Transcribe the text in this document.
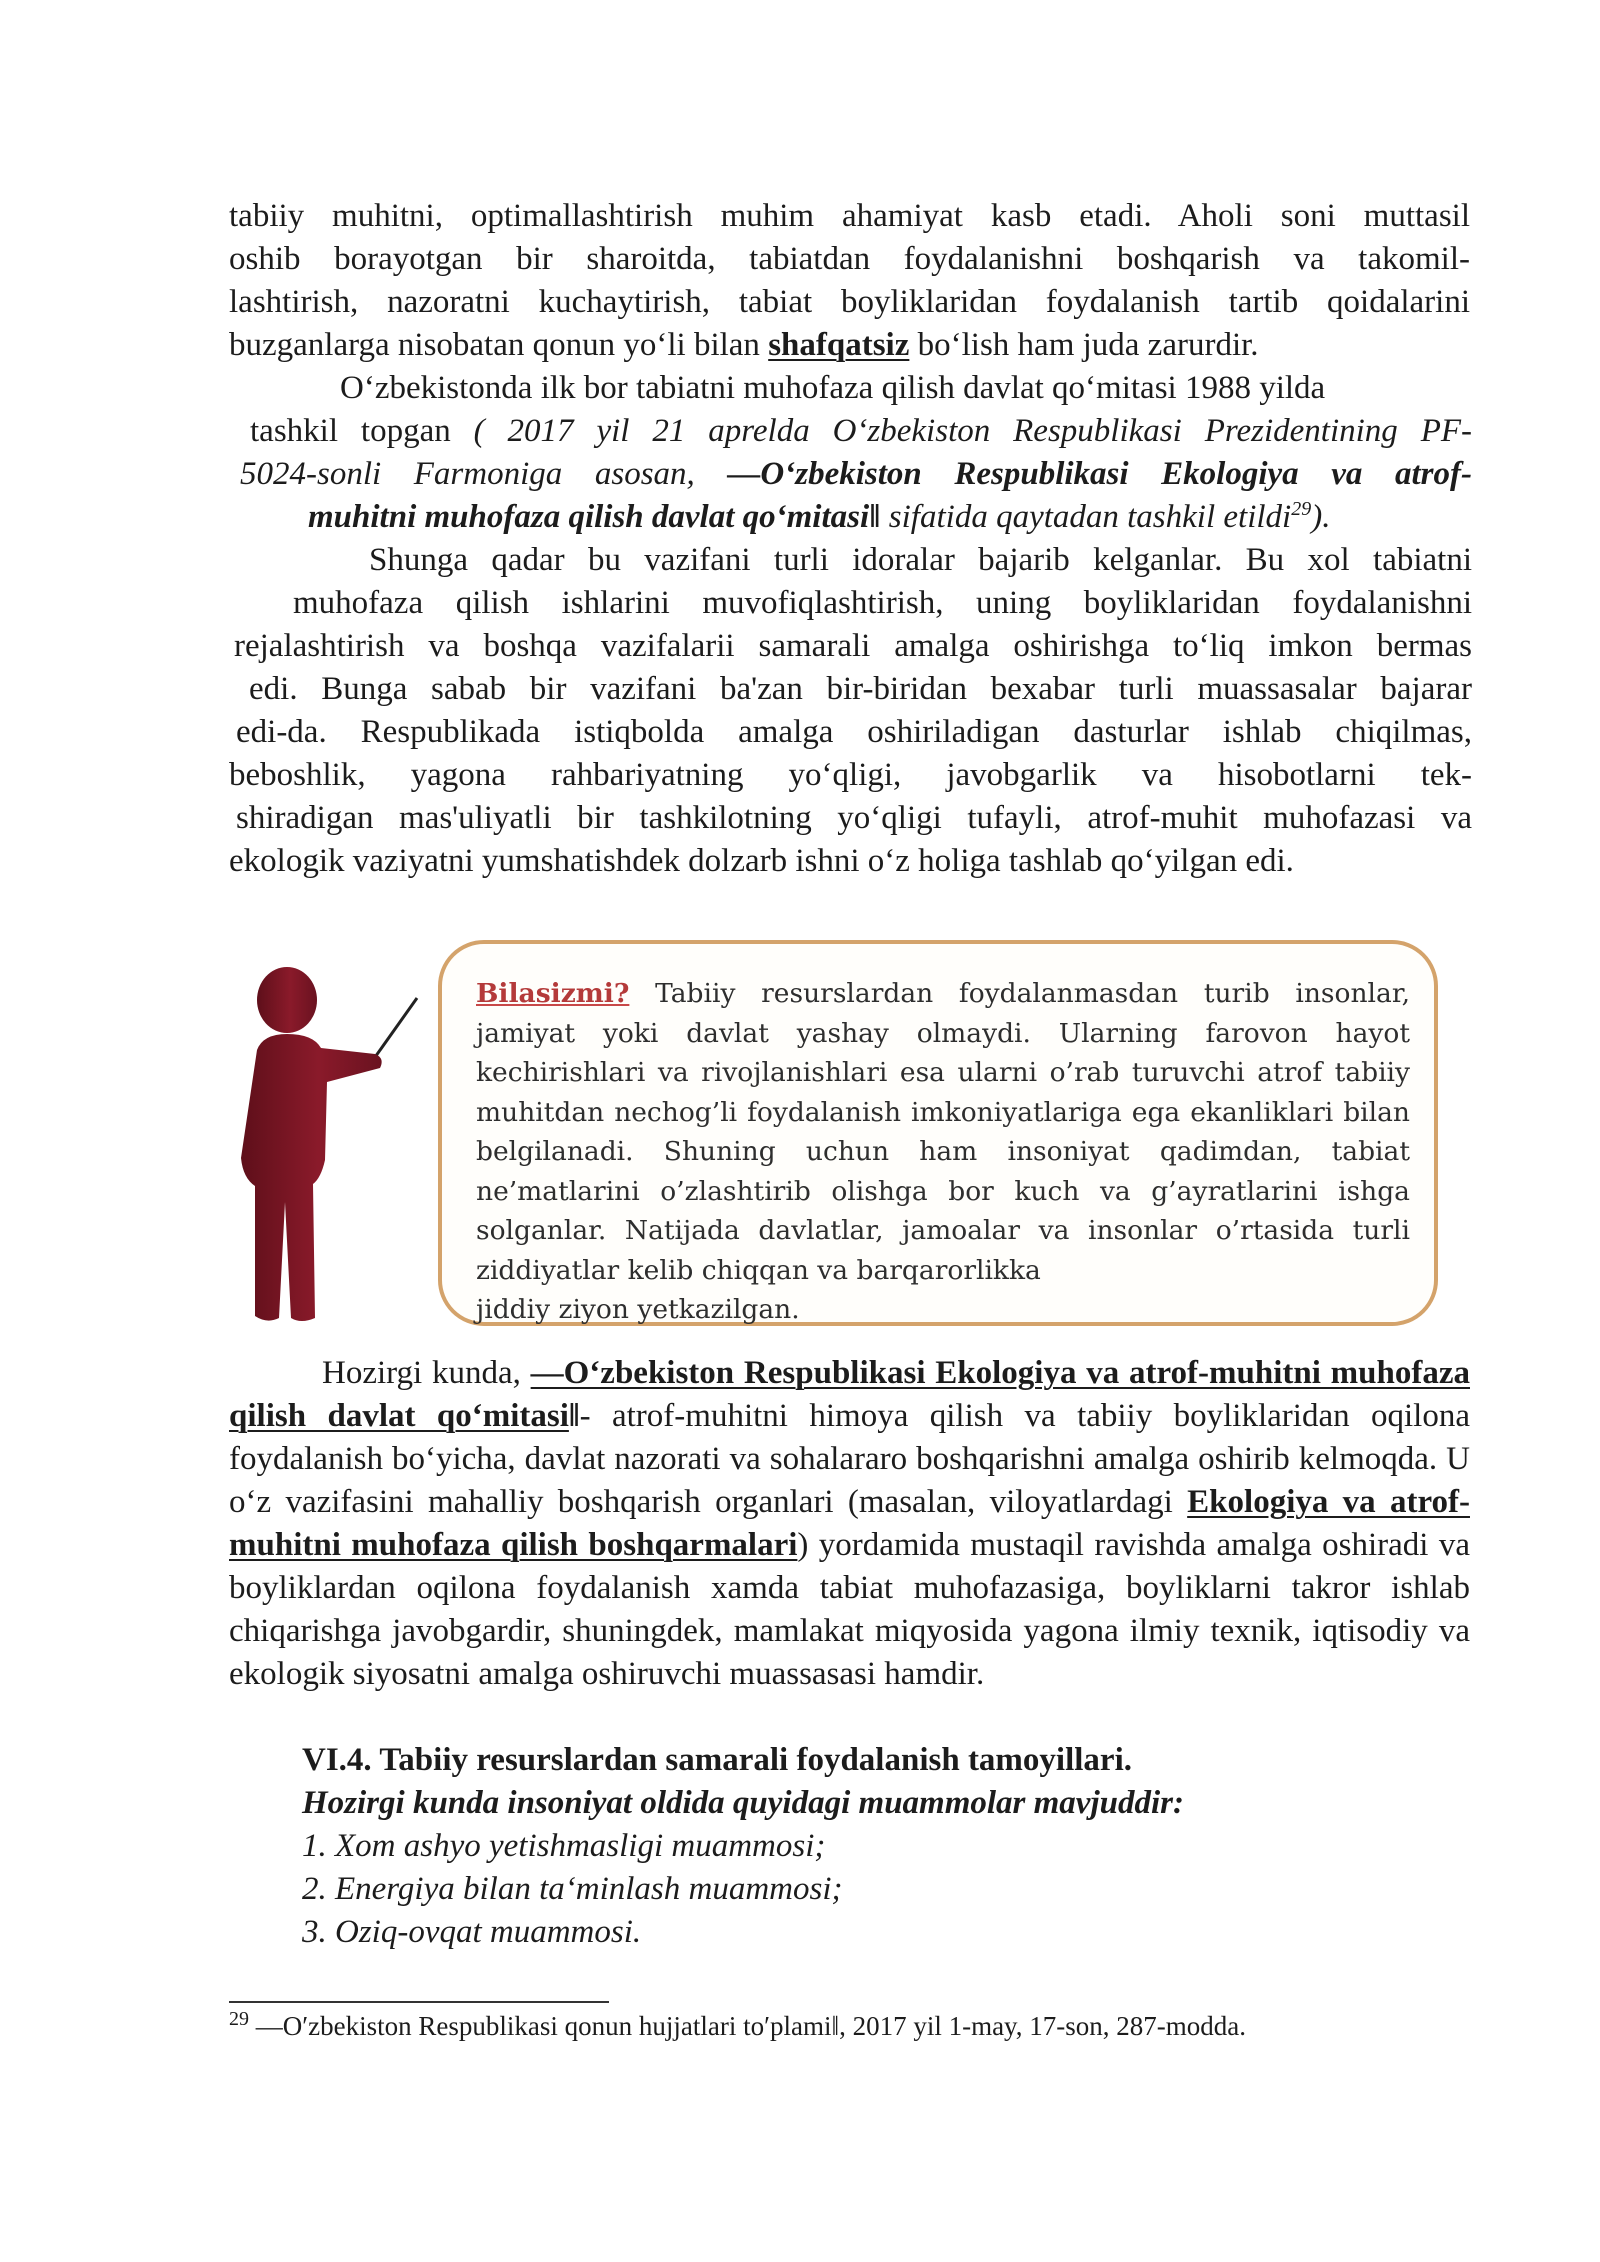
tabiiy muhitni, optimallashtirish muhim ahamiyat kasb etadi. Aholi soni muttasil

oshib borayotgan bir sharoitda, tabiatdan foydalanishni boshqarish va takomil-

lashtirish, nazoratni kuchaytirish, tabiat boyliklaridan foydalanish tartib qoidalarini

buzganlarga nisobatan qonun yo‘li bilan shafqatsiz bo‘lish ham juda zarurdir.

O‘zbekistonda ilk bor tabiatni muhofaza qilish davlat qo‘mitasi 1988 yilda

tashkil topgan ( 2017 yil 21 aprelda O‘zbekiston Respublikasi Prezidentining PF-

5024-sonli Farmoniga asosan, ―O‘zbekiston Respublikasi Ekologiya va atrof-

muhitni muhofaza qilish davlat qo‘mitasi‖ sifatida qaytadan tashkil etildi$^{29}$).

Shunga qadar bu vazifani turli idoralar bajarib kelganlar. Bu xol tabiatni

muhofaza qilish ishlarini muvofiqlashtirish, uning boyliklaridan foydalanishni

rejalashtirish va boshqa vazifalarii samarali amalga oshirishga to‘liq imkon bermas

edi. Bunga sabab bir vazifani ba'zan bir-biridan bexabar turli muassasalar bajarar

edi-da. Respublikada istiqbolda amalga oshiriladigan dasturlar ishlab chiqilmas,

beboshlik, yagona rahbariyatning yo‘qligi, javobgarlik va hisobotlarni tek-

shiradigan mas'uliyatli bir tashkilotning yo‘qligi tufayli, atrof-muhit muhofazasi va

ekologik vaziyatni yumshatishdek dolzarb ishni o‘z holiga tashlab qo‘yilgan edi.

Bilasizmi? Tabiiy resurslardan foydalanmasdan turib insonlar, jamiyat yoki davlat yashay olmaydi. Ularning farovon hayot kechirishlari va rivojlanishlari esa ularni o’rab turuvchi atrof tabiiy muhitdan nechog’li foydalanish imkoniyatlariga ega ekanliklari bilan belgilanadi. Shuning uchun ham insoniyat qadimdan, tabiat ne’matlarini o’zlashtirib olishga bor kuch va g’ayratlarini ishga solganlar. Natijada davlatlar, jamoalar va insonlar o’rtasida turli ziddiyatlar kelib chiqqan va barqarorlikka

jiddiy ziyon yetkazilgan.

Hozirgi kunda, ―O‘zbekiston Respublikasi Ekologiya va atrof-muhitni muhofaza qilish davlat qo‘mitasi‖- atrof-muhitni himoya qilish va tabiiy boyliklaridan oqilona foydalanish bo‘yicha, davlat nazorati va sohalararo boshqarishni amalga oshirib kelmoqda. U o‘z vazifasini mahalliy boshqarish organlari (masalan, viloyatlardagi Ekologiya va atrof-muhitni muhofaza qilish boshqarmalari) yordamida mustaqil ravishda amalga oshiradi va boyliklardan oqilona foydalanish xamda tabiat muhofazasiga, boyliklarni takror ishlab chiqarishga javobgardir, shuningdek, mamlakat miqyosida yagona ilmiy texnik, iqtisodiy va ekologik siyosatni amalga oshiruvchi muassasasi hamdir.

VI.4. Tabiiy resurslardan samarali foydalanish tamoyillari.

Hozirgi kunda insoniyat oldida quyidagi muammolar mavjuddir:

1. Xom ashyo yetishmasligi muammosi;

2. Energiya bilan ta‘minlash muammosi;

3. Oziq-ovqat muammosi.

$^{29}$ ―O′zbekiston Respublikasi qonun hujjatlari to′plami‖, 2017 yil 1-may, 17-son, 287-modda.
